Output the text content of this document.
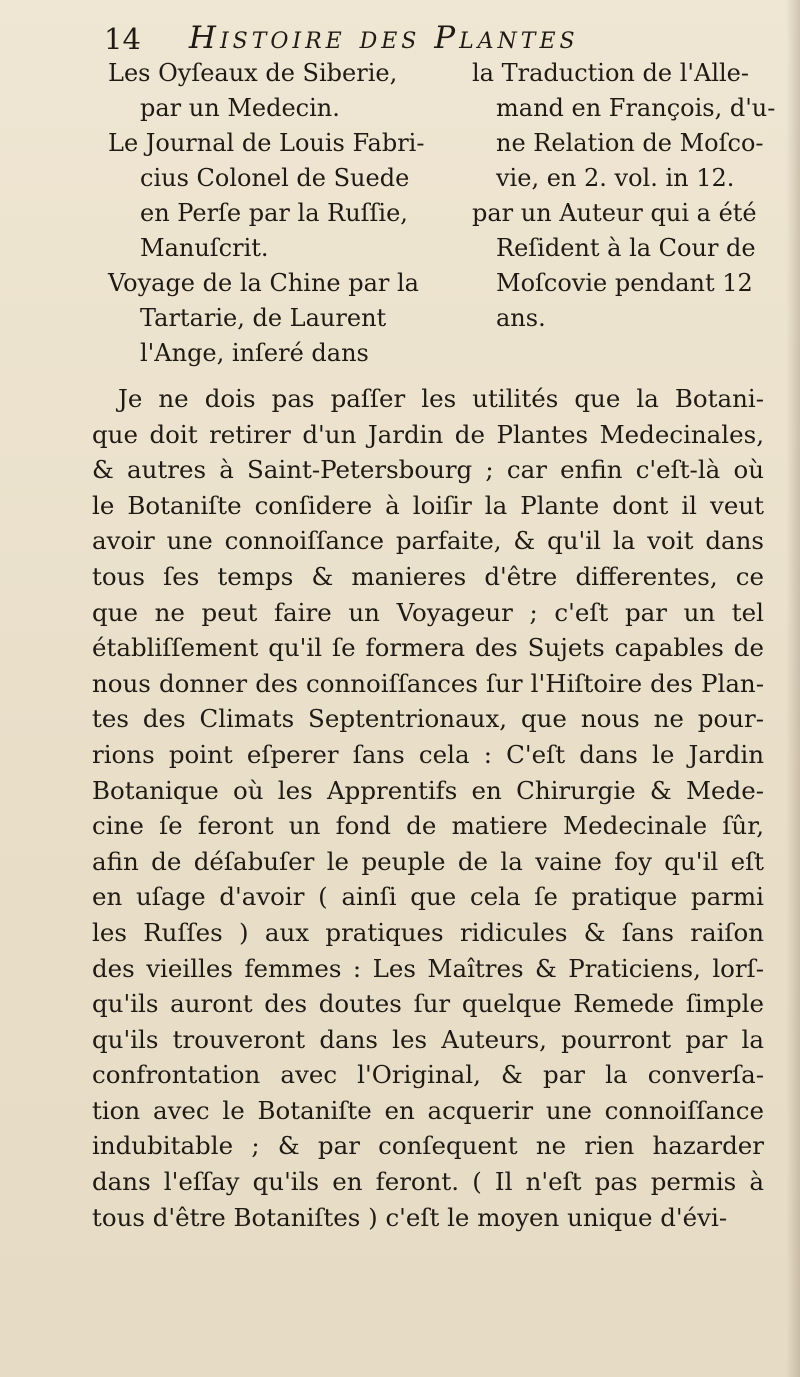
14 Histoire des Plantes

Les Oyſeaux de Siberie,
par un Medecin.

Le Journal de Louis Fabri-
cius Colonel de Suede
en Perſe par la Ruſſie,
Manuſcrit.

Voyage de la Chine par la
Tartarie, de Laurent
l'Ange, inſeré dans

la Traduction de l'Alle-

mand en François, d'u-

ne Relation de Moſco-

vie, en 2. vol. in 12.

par un Auteur qui a été

Reſident à la Cour de

Moſcovie pendant 12

ans.

Je ne dois pas paſſer les utilités que la Botani-
que doit retirer d'un Jardin de Plantes Medecinales,
& autres à Saint-Petersbourg ; car enfin c'eſt-là où
le Botaniſte conſidere à loiſir la Plante dont il veut
avoir une connoiſſance parfaite, & qu'il la voit dans
tous ſes temps & manieres d'être differentes, ce
que ne peut faire un Voyageur ; c'eſt par un tel
établiſſement qu'il ſe formera des Sujets capables de
nous donner des connoiſſances ſur l'Hiſtoire des Plan-
tes des Climats Septentrionaux, que nous ne pour-
rions point eſperer ſans cela : C'eſt dans le Jardin
Botanique où les Apprentifs en Chirurgie & Mede-
cine ſe feront un fond de matiere Medecinale ſûr,
afin de déſabuſer le peuple de la vaine foy qu'il eſt
en uſage d'avoir ( ainſi que cela ſe pratique parmi
les Ruſſes ) aux pratiques ridicules & ſans raiſon
des vieilles femmes : Les Maîtres & Praticiens, lorſ-
qu'ils auront des doutes ſur quelque Remede ſimple
qu'ils trouveront dans les Auteurs, pourront par la
confrontation avec l'Original, & par la converſa-
tion avec le Botaniſte en acquerir une connoiſſance
indubitable ; & par conſequent ne rien hazarder
dans l'eſſay qu'ils en feront. ( Il n'eſt pas permis à
tous d'être Botaniſtes ) c'eſt le moyen unique d'évi-
